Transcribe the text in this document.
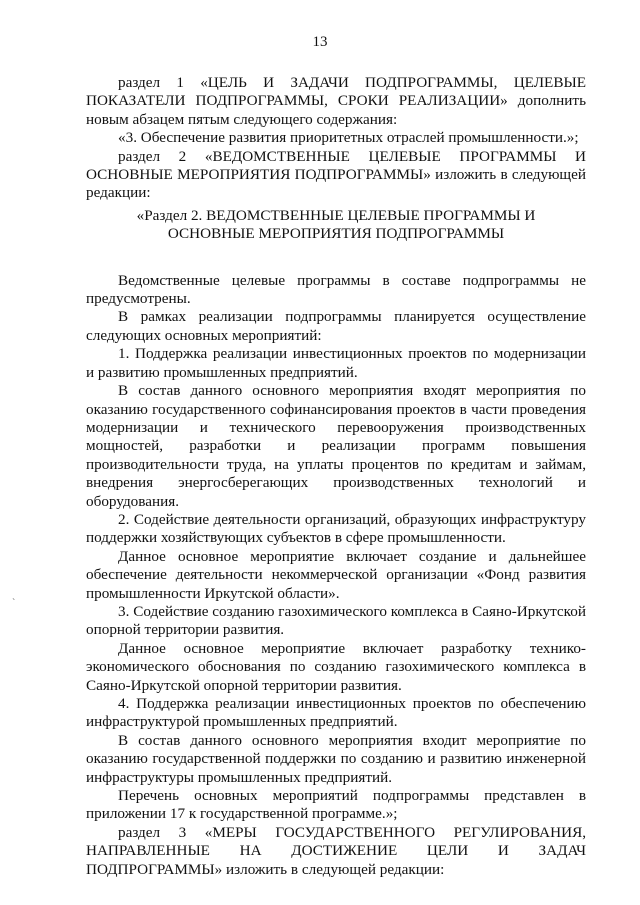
13

раздел 1 «ЦЕЛЬ И ЗАДАЧИ ПОДПРОГРАММЫ, ЦЕЛЕВЫЕ ПОКАЗАТЕЛИ ПОДПРОГРАММЫ, СРОКИ РЕАЛИЗАЦИИ» дополнить новым абзацем пятым следующего содержания:

«3. Обеспечение развития приоритетных отраслей промышленности.»;

раздел 2 «ВЕДОМСТВЕННЫЕ ЦЕЛЕВЫЕ ПРОГРАММЫ И ОСНОВНЫЕ МЕРОПРИЯТИЯ ПОДПРОГРАММЫ» изложить в следующей редакции:

«Раздел 2. ВЕДОМСТВЕННЫЕ ЦЕЛЕВЫЕ ПРОГРАММЫ И ОСНОВНЫЕ МЕРОПРИЯТИЯ ПОДПРОГРАММЫ

Ведомственные целевые программы в составе подпрограммы не предусмотрены.

В рамках реализации подпрограммы планируется осуществление следующих основных мероприятий:

1. Поддержка реализации инвестиционных проектов по модернизации и развитию промышленных предприятий.

В состав данного основного мероприятия входят мероприятия по оказанию государственного софинансирования проектов в части проведения модернизации и технического перевооружения производственных мощностей, разработки и реализации программ повышения производительности труда, на уплаты процентов по кредитам и займам, внедрения энергосберегающих производственных технологий и оборудования.

2. Содействие деятельности организаций, образующих инфраструктуру поддержки хозяйствующих субъектов в сфере промышленности.

Данное основное мероприятие включает создание и дальнейшее обеспечение деятельности некоммерческой организации «Фонд развития промышленности Иркутской области».

3. Содействие созданию газохимического комплекса в Саяно-Иркутской опорной территории развития.

Данное основное мероприятие включает разработку технико-экономического обоснования по созданию газохимического комплекса в Саяно-Иркутской опорной территории развития.

4. Поддержка реализации инвестиционных проектов по обеспечению инфраструктурой промышленных предприятий.

В состав данного основного мероприятия входит мероприятие по оказанию государственной поддержки по созданию и развитию инженерной инфраструктуры промышленных предприятий.

Перечень основных мероприятий подпрограммы представлен в приложении 17 к государственной программе.»;

раздел 3 «МЕРЫ ГОСУДАРСТВЕННОГО РЕГУЛИРОВАНИЯ, НАПРАВЛЕННЫЕ НА ДОСТИЖЕНИЕ ЦЕЛИ И ЗАДАЧ ПОДПРОГРАММЫ» изложить в следующей редакции:

`
